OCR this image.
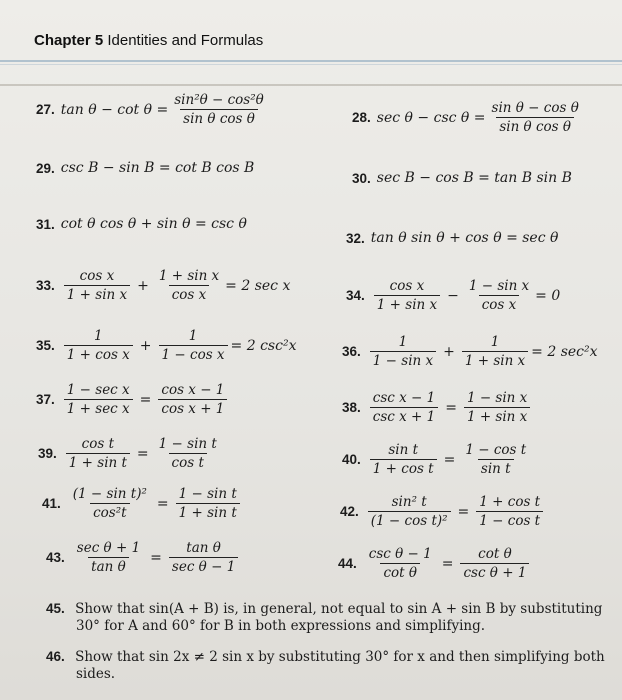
Chapter 5 Identities and Formulas
27. $\tan \theta - \cot \theta = \frac{\text{sin²θ − cos²θ}}{\text{sin θ cos θ}}$	28. $\sec \theta - \csc \theta = \frac{\text{sin θ − cos θ}}{\text{sin θ cos θ}}$
29. csc B − sin B = cot B cos B
30. sec B − cos B = tan B sin B
31. cot θ cos θ + sin θ = csc θ
32. tan θ sin θ + cos θ = sec θ
33. $\frac{\text{cos x}}{\text{1 + sin x}} + \frac{\text{1 + sin x}}{\text{cos x}} = 2$ sec x
34. $\frac{\text{cos x}}{\text{1 + sin x}} - \frac{\text{1 − sin x}}{\text{cos x}} = 0$
35. $\frac{1}{\text{1 + cos x}} + \frac{1}{\text{1 − cos x}} = 2$ csc²x	36. $\frac{1}{\text{1 − sin x}} + \frac{1}{\text{1 + sin x}} = 2$ sec²x
37. $\frac{\text{1 − sec x}}{\text{1 + sec x}} = \frac{\text{cos x − 1}}{\text{cos x + 1}}$	38. $\frac{\text{csc x − 1}}{\text{csc x + 1}} = \frac{\text{1 − sin x}}{\text{1 + sin x}}$
39. $\frac{\text{cos t}}{\text{1 + sin t}} = \frac{\text{1 − sin t}}{\text{cos t}}$	40. $\frac{\text{sin t}}{\text{1 + cos t}} = \frac{\text{1 − cos t}}{\text{sin t}}$
41. $\frac{\text{(1 − sin t)²}}{\text{cos²t}} = \frac{\text{1 − sin t}}{\text{1 + sin t}}$	42. $\frac{\text{sin² t}}{\text{(1 − cos t)²}} = \frac{\text{1 + cos t}}{\text{1 − cos t}}$
43. $\frac{\text{sec θ + 1}}{\text{tan θ}} = \frac{\text{tan θ}}{\text{sec θ − 1}}$	44. $\frac{\text{csc θ − 1}}{\text{cot θ}} = \frac{\text{cot θ}}{\text{csc θ + 1}}$
45. Show that sin(A + B) is, in general, not equal to sin A + sin B by substituting
30° for A and 60° for B in both expressions and simplifying.
46. Show that sin 2x ≠ 2 sin x by substituting 30° for x and then simplifying both
sides.
